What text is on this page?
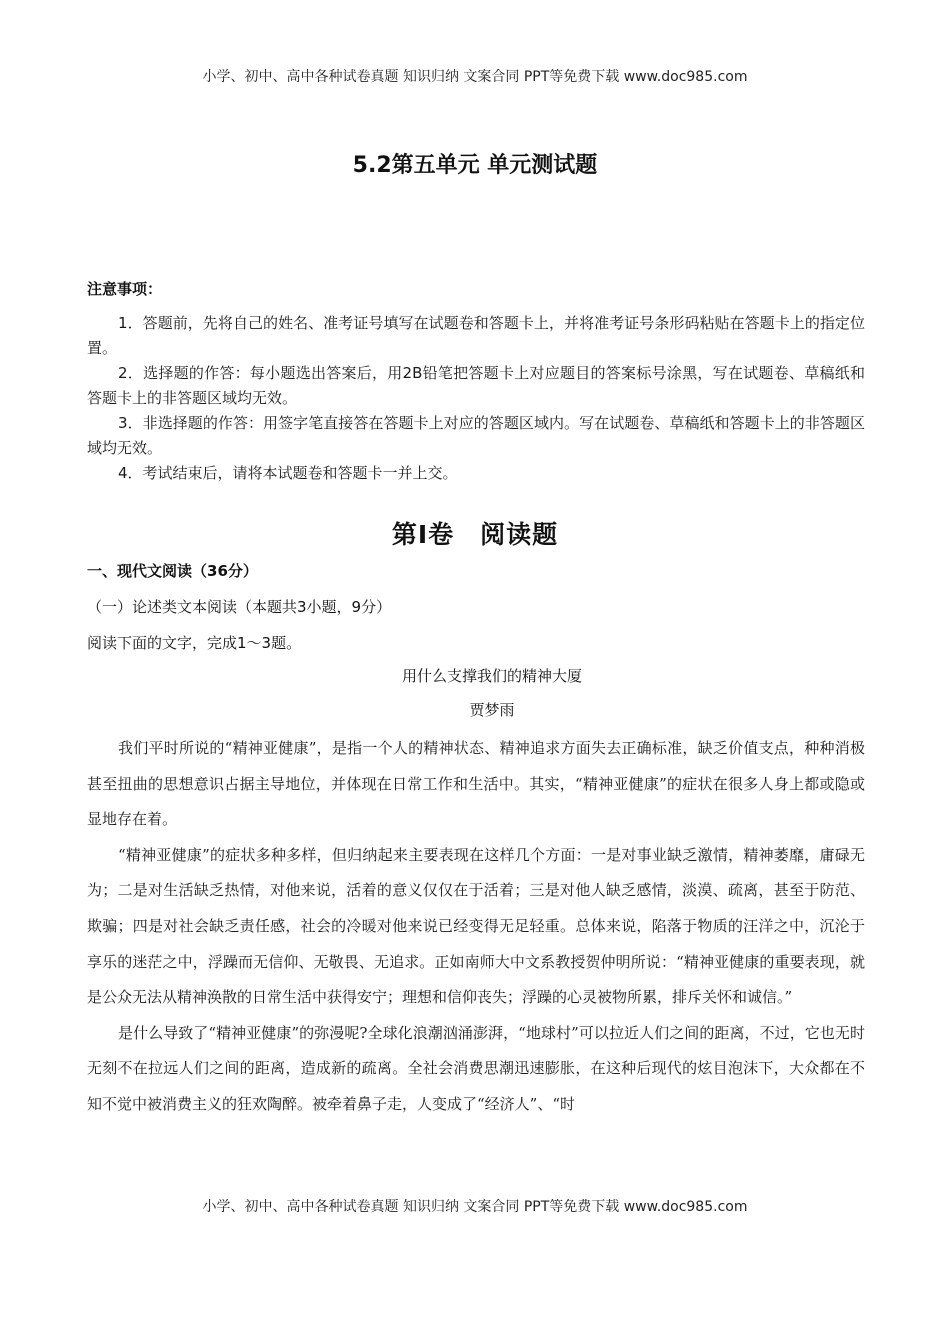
小学、初中、高中各种试卷真题 知识归纳 文案合同 PPT等免费下载 www.doc985.com
5.2第五单元 单元测试题
注意事项：

1．答题前，先将自己的姓名、准考证号填写在试题卷和答题卡上，并将准考证号条形码粘贴在答题卡上的指定位置。

2．选择题的作答：每小题选出答案后，用2B铅笔把答题卡上对应题目的答案标号涂黑，写在试题卷、草稿纸和答题卡上的非答题区域均无效。

3．非选择题的作答：用签字笔直接答在答题卡上对应的答题区域内。写在试题卷、草稿纸和答题卡上的非答题区域均无效。

4．考试结束后，请将本试题卷和答题卡一并上交。

第Ⅰ卷　阅读题
一、现代文阅读（36分）
（一）论述类文本阅读（本题共3小题，9分）
阅读下面的文字，完成1～3题。
用什么支撑我们的精神大厦
贾梦雨

我们平时所说的“精神亚健康”，是指一个人的精神状态、精神追求方面失去正确标准，缺乏价值支点，种种消极甚至扭曲的思想意识占据主导地位，并体现在日常工作和生活中。其实，“精神亚健康”的症状在很多人身上都或隐或显地存在着。

“精神亚健康”的症状多种多样，但归纳起来主要表现在这样几个方面：一是对事业缺乏激情，精神萎靡，庸碌无为；二是对生活缺乏热情，对他来说，活着的意义仅仅在于活着；三是对他人缺乏感情，淡漠、疏离，甚至于防范、欺骗；四是对社会缺乏责任感，社会的冷暖对他来说已经变得无足轻重。总体来说，陷落于物质的汪洋之中，沉沦于享乐的迷茫之中，浮躁而无信仰、无敬畏、无追求。正如南师大中文系教授贺仲明所说：“精神亚健康的重要表现，就是公众无法从精神涣散的日常生活中获得安宁；理想和信仰丧失；浮躁的心灵被物所累，排斥关怀和诚信。”

是什么导致了“精神亚健康”的弥漫呢?全球化浪潮汹涌澎湃，“地球村”可以拉近人们之间的距离，不过，它也无时无刻不在拉远人们之间的距离，造成新的疏离。全社会消费思潮迅速膨胀，在这种后现代的炫目泡沫下，大众都在不知不觉中被消费主义的狂欢陶醉。被牵着鼻子走，人变成了“经济人”、“时

小学、初中、高中各种试卷真题 知识归纳 文案合同 PPT等免费下载 www.doc985.com
